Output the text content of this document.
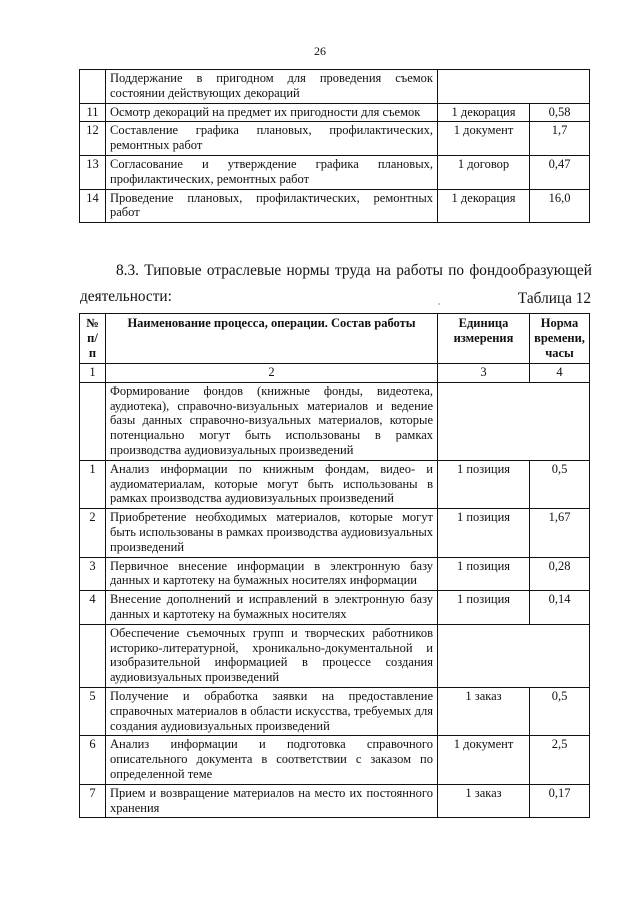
26
	Поддержание в пригодном для проведения съемок состоянии действующих декораций		
11	Осмотр декораций на предмет их пригодности для съемок	1 декорация	0,58
12	Составление графика плановых, профилактических, ремонтных работ	1 документ	1,7
13	Согласование и утверждение графика плановых, профилактических, ремонтных работ	1 договор	0,47
14	Проведение плановых, профилактических, ремонтных работ	1 декорация	16,0

8.3. Типовые отраслевые нормы труда на работы по фондообразующей деятельности:	Таблица 12
№ п/п	Наименование процесса, операции. Состав работы	Единица измерения	Норма времени, часы
1	2	3	4
	Формирование фондов (книжные фонды, видеотека, аудиотека), справочно-визуальных материалов и ведение базы данных справочно-визуальных материалов, которые потенциально могут быть использованы в рамках производства аудиовизуальных произведений		
1	Анализ информации по книжным фондам, видео- и аудиоматериалам, которые могут быть использованы в рамках производства аудиовизуальных произведений	1 позиция	0,5
2	Приобретение необходимых материалов, которые могут быть использованы в рамках производства аудиовизуальных произведений	1 позиция	1,67
3	Первичное внесение информации в электронную базу данных и картотеку на бумажных носителях информации	1 позиция	0,28
4	Внесение дополнений и исправлений в электронную базу данных и картотеку на бумажных носителях	1 позиция	0,14
	Обеспечение съемочных групп и творческих работников историко-литературной, хроникально-документальной и изобразительной информацией в процессе создания аудиовизуальных произведений		
5	Получение и обработка заявки на предоставление справочных материалов в области искусства, требуемых для создания аудиовизуальных произведений	1 заказ	0,5
6	Анализ информации и подготовка справочного описательного документа в соответствии с заказом по определенной теме	1 документ	2,5
7	Прием и возвращение материалов на место их постоянного хранения	1 заказ	0,17
